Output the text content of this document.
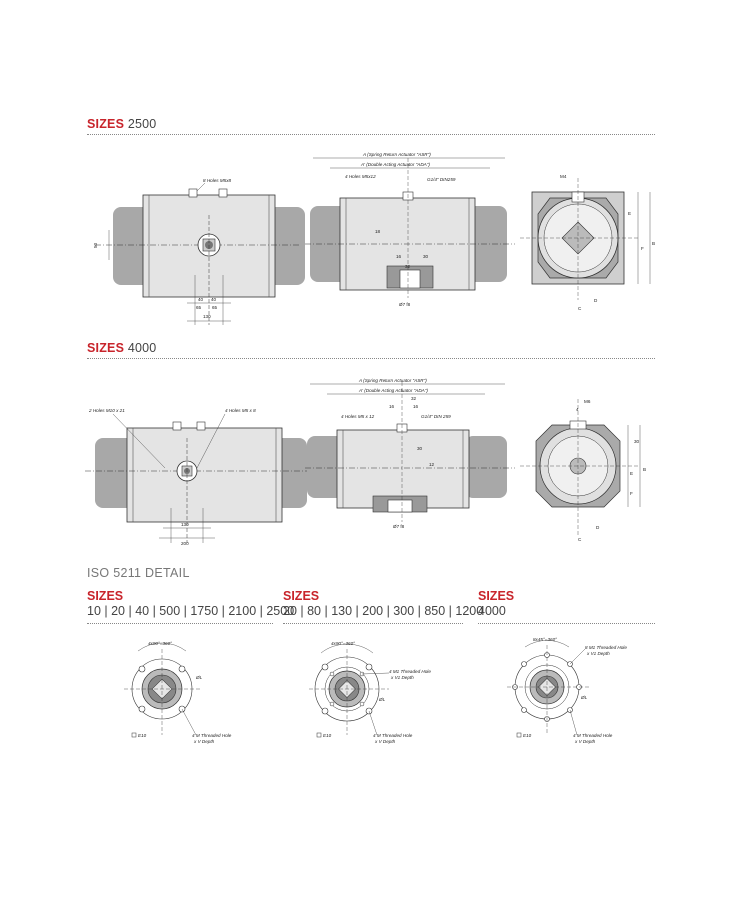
SIZES 2500
8 Holes M5x8
50
40 40
65 65
130
A (Spring Return Actuator "ASR")
A' (Double Acting Actuator "ADA")
4 Holes M5x12
G1/4" DIN259
18
30
32
16
Ø7 f8
M4
E
F
B
D
C
SIZES 4000
2 Holes M10 x 21	4 Holes M5 x 8
130
200
A (Spring Return Actuator "ASR")
A' (Double Acting Actuator "ADA")
4 Holes M5 x 12	G1/4" DIN 259
32
16	16
30
12
Ø7 f8
M6
4
30
B
C
D
E
F
ISO 5211 DETAIL
SIZES
10 | 20 | 40 | 500 | 1750 | 2100 | 2500
SIZES
20 | 80 | 130 | 200 | 300 | 850 | 1200
SIZES
4000
4x90°=360°
ØL
4 M Threaded Hole
x V Depth
E10
4x90°=360°
4 M1 Threaded Hole
x V1 Depth
ØL
4 M Threaded Hole
x V Depth
E10
8x45°=360°
8 M1 Threaded Hole
x V1 Depth
ØL
4 M Threaded Hole
x V Depth
E10
